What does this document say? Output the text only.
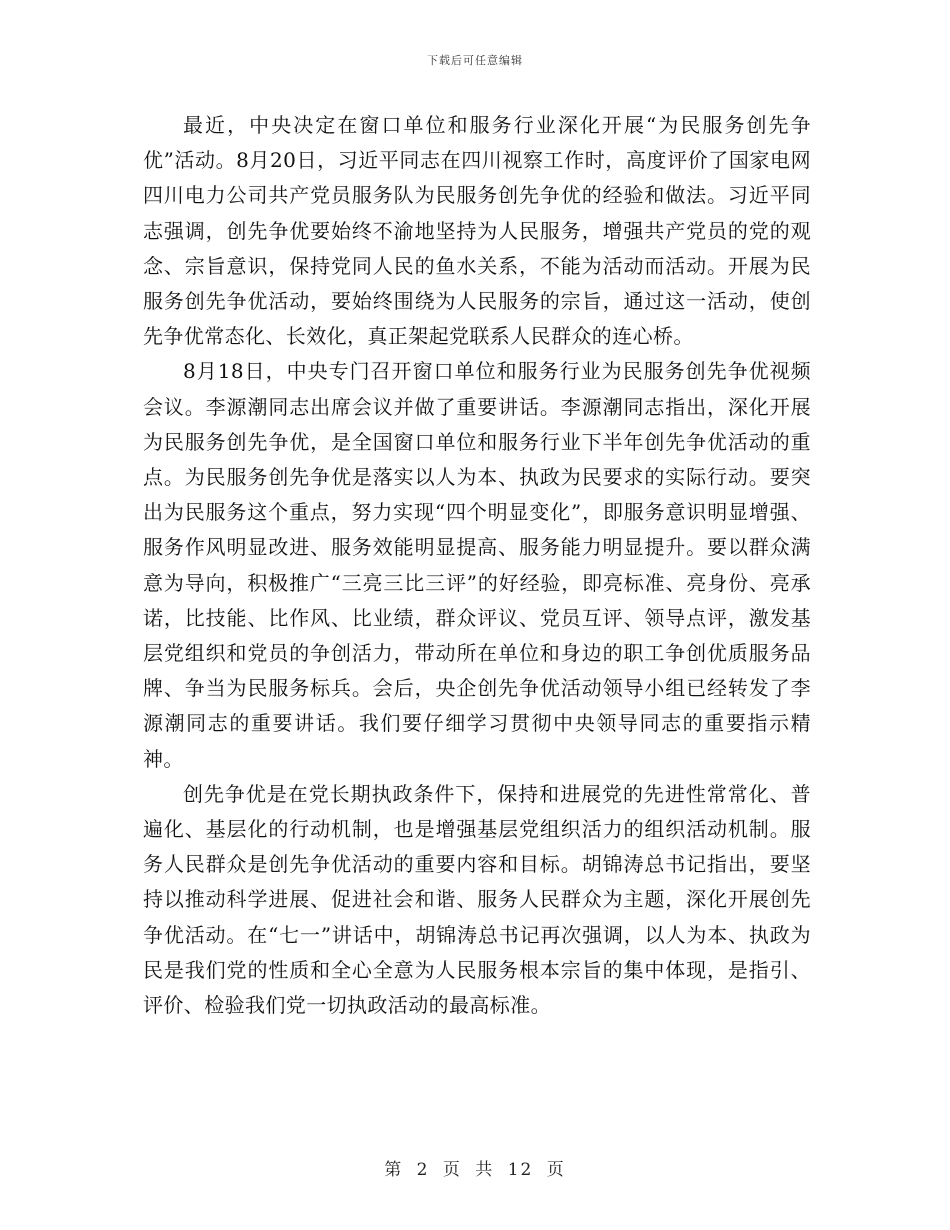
下载后可任意编辑

最近，中央决定在窗口单位和服务行业深化开展“为民服务创先争优”活动。8月20日，习近平同志在四川视察工作时，高度评价了国家电网四川电力公司共产党员服务队为民服务创先争优的经验和做法。习近平同志强调，创先争优要始终不渝地坚持为人民服务，增强共产党员的党的观念、宗旨意识，保持党同人民的鱼水关系，不能为活动而活动。开展为民服务创先争优活动，要始终围绕为人民服务的宗旨，通过这一活动，使创先争优常态化、长效化，真正架起党联系人民群众的连心桥。

8月18日，中央专门召开窗口单位和服务行业为民服务创先争优视频会议。李源潮同志出席会议并做了重要讲话。李源潮同志指出，深化开展为民服务创先争优，是全国窗口单位和服务行业下半年创先争优活动的重点。为民服务创先争优是落实以人为本、执政为民要求的实际行动。要突出为民服务这个重点，努力实现“四个明显变化”，即服务意识明显增强、服务作风明显改进、服务效能明显提高、服务能力明显提升。要以群众满意为导向，积极推广“三亮三比三评”的好经验，即亮标准、亮身份、亮承诺，比技能、比作风、比业绩，群众评议、党员互评、领导点评，激发基层党组织和党员的争创活力，带动所在单位和身边的职工争创优质服务品牌、争当为民服务标兵。会后，央企创先争优活动领导小组已经转发了李源潮同志的重要讲话。我们要仔细学习贯彻中央领导同志的重要指示精神。

创先争优是在党长期执政条件下，保持和进展党的先进性常常化、普遍化、基层化的行动机制，也是增强基层党组织活力的组织活动机制。服务人民群众是创先争优活动的重要内容和目标。胡锦涛总书记指出，要坚持以推动科学进展、促进社会和谐、服务人民群众为主题，深化开展创先争优活动。在“七一”讲话中，胡锦涛总书记再次强调，以人为本、执政为民是我们党的性质和全心全意为人民服务根本宗旨的集中体现，是指引、评价、检验我们党一切执政活动的最高标准。

第 2 页 共 12 页
